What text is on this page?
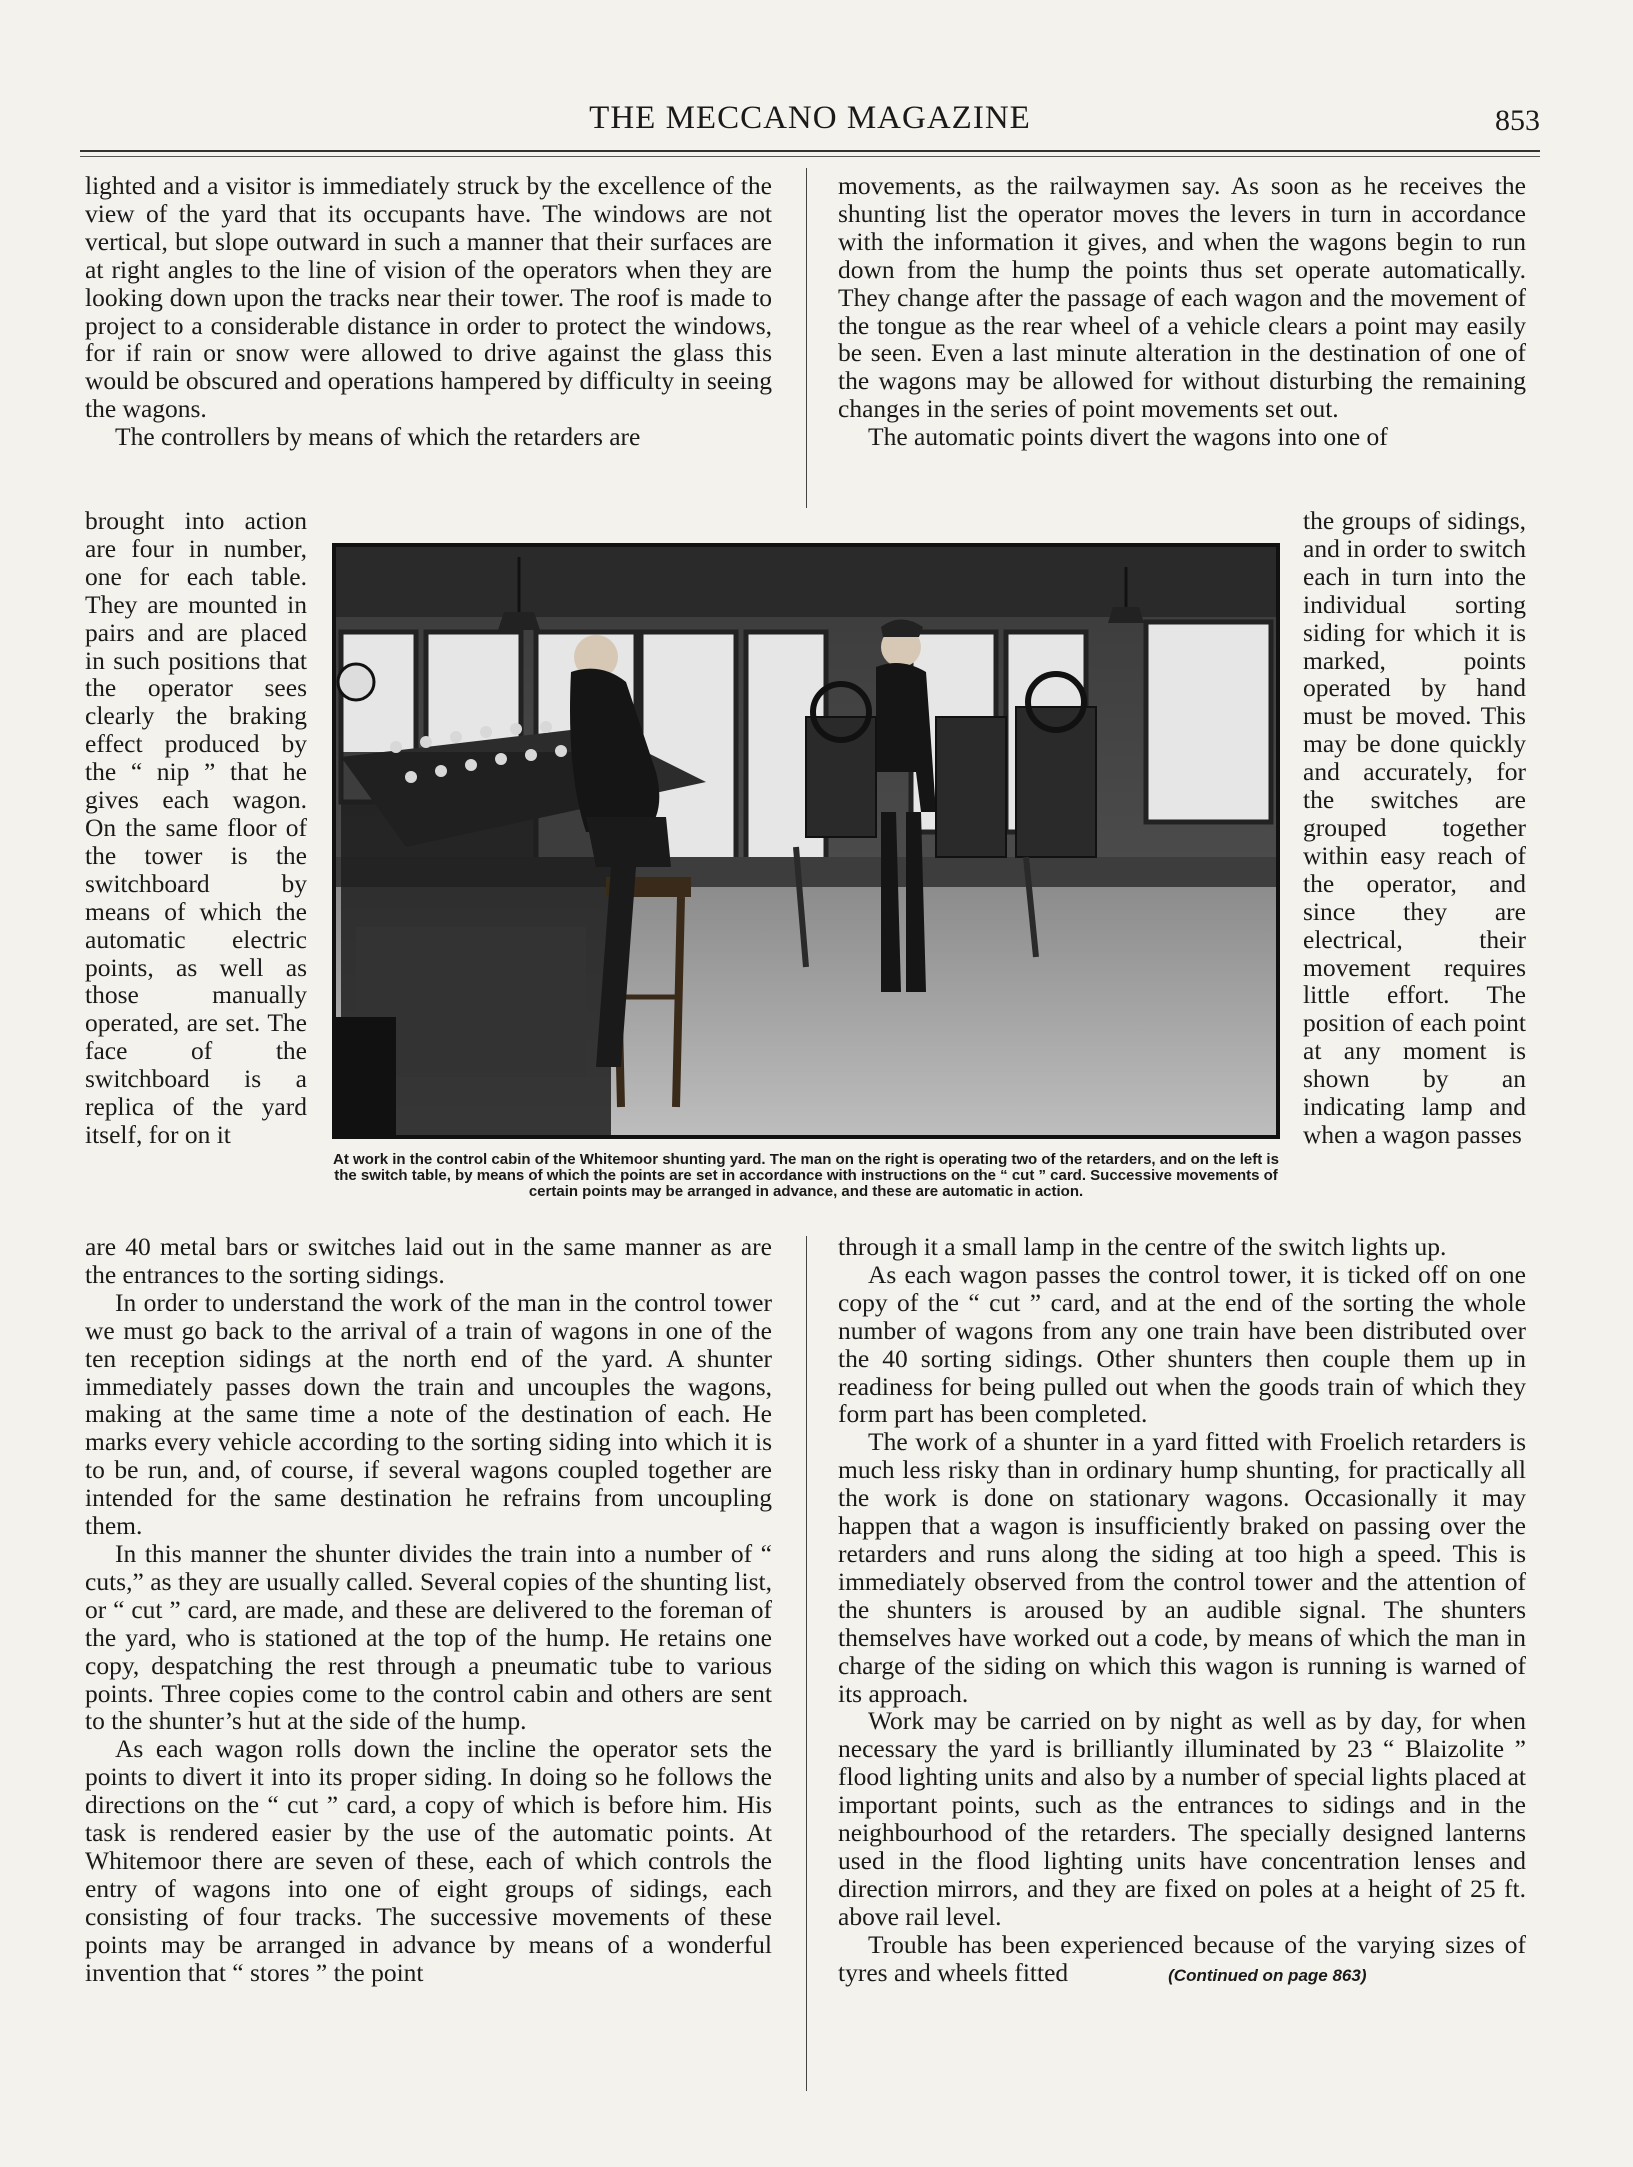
THE MECCANO MAGAZINE	853

lighted and a visitor is immediately struck by the excellence of the view of the yard that its occupants have. The windows are not vertical, but slope outward in such a manner that their surfaces are at right angles to the line of vision of the operators when they are looking down upon the tracks near their tower. The roof is made to project to a considerable distance in order to protect the windows, for if rain or snow were allowed to drive against the glass this would be obscured and operations hampered by difficulty in seeing the wagons.

The controllers by means of which the retarders are

brought into action are four in number, one for each table. They are mounted in pairs and are placed in such positions that the operator sees clearly the braking effect produced by the “ nip ” that he gives each wagon. On the same floor of the tower is the switchboard by means of which the automatic electric points, as well as those manually operated, are set. The face of the switchboard is a replica of the yard itself, for on it

are 40 metal bars or switches laid out in the same manner as are the entrances to the sorting sidings.

In order to understand the work of the man in the control tower we must go back to the arrival of a train of wagons in one of the ten reception sidings at the north end of the yard. A shunter immediately passes down the train and uncouples the wagons, making at the same time a note of the destination of each. He marks every vehicle according to the sorting siding into which it is to be run, and, of course, if several wagons coupled together are intended for the same destination he refrains from uncoupling them.

In this manner the shunter divides the train into a number of “ cuts,” as they are usually called. Several copies of the shunting list, or “ cut ” card, are made, and these are delivered to the foreman of the yard, who is stationed at the top of the hump. He retains one copy, despatching the rest through a pneumatic tube to various points. Three copies come to the control cabin and others are sent to the shunter’s hut at the side of the hump.

As each wagon rolls down the incline the operator sets the points to divert it into its proper siding. In doing so he follows the directions on the “ cut ” card, a copy of which is before him. His task is rendered easier by the use of the automatic points. At Whitemoor there are seven of these, each of which controls the entry of wagons into one of eight groups of sidings, each consisting of four tracks. The successive movements of these points may be arranged in advance by means of a wonderful invention that “ stores ” the point

movements, as the railwaymen say. As soon as he receives the shunting list the operator moves the levers in turn in accordance with the information it gives, and when the wagons begin to run down from the hump the points thus set operate automatically. They change after the passage of each wagon and the movement of the tongue as the rear wheel of a vehicle clears a point may easily be seen. Even a last minute alteration in the destination of one of the wagons may be allowed for without disturbing the remaining changes in the series of point movements set out.

The automatic points divert the wagons into one of

the groups of sidings, and in order to switch each in turn into the individual sorting siding for which it is marked, points operated by hand must be moved. This may be done quickly and accurately, for the switches are grouped together within easy reach of the operator, and since they are electrical, their movement requires little effort. The position of each point at any moment is shown by an indicating lamp and when a wagon passes

through it a small lamp in the centre of the switch lights up.

As each wagon passes the control tower, it is ticked off on one copy of the “ cut ” card, and at the end of the sorting the whole number of wagons from any one train have been distributed over the 40 sorting sidings. Other shunters then couple them up in readiness for being pulled out when the goods train of which they form part has been completed.

The work of a shunter in a yard fitted with Froelich retarders is much less risky than in ordinary hump shunting, for practically all the work is done on stationary wagons. Occasionally it may happen that a wagon is insufficiently braked on passing over the retarders and runs along the siding at too high a speed. This is immediately observed from the control tower and the attention of the shunters is aroused by an audible signal. The shunters themselves have worked out a code, by means of which the man in charge of the siding on which this wagon is running is warned of its approach.

Work may be carried on by night as well as by day, for when necessary the yard is brilliantly illuminated by 23 “ Blaizolite ” flood lighting units and also by a number of special lights placed at important points, such as the entrances to sidings and in the neighbourhood of the retarders. The specially designed lanterns used in the flood lighting units have concentration lenses and direction mirrors, and they are fixed on poles at a height of 25 ft. above rail level.

Trouble has been experienced because of the varying sizes of tyres and wheels fitted	(Continued on page 863)

At work in the control cabin of the Whitemoor shunting yard. The man on the right is operating two of the retarders, and on the left is the switch table, by means of which the points are set in accordance with instructions on the “ cut ” card. Successive movements of certain points may be arranged in advance, and these are automatic in action.
